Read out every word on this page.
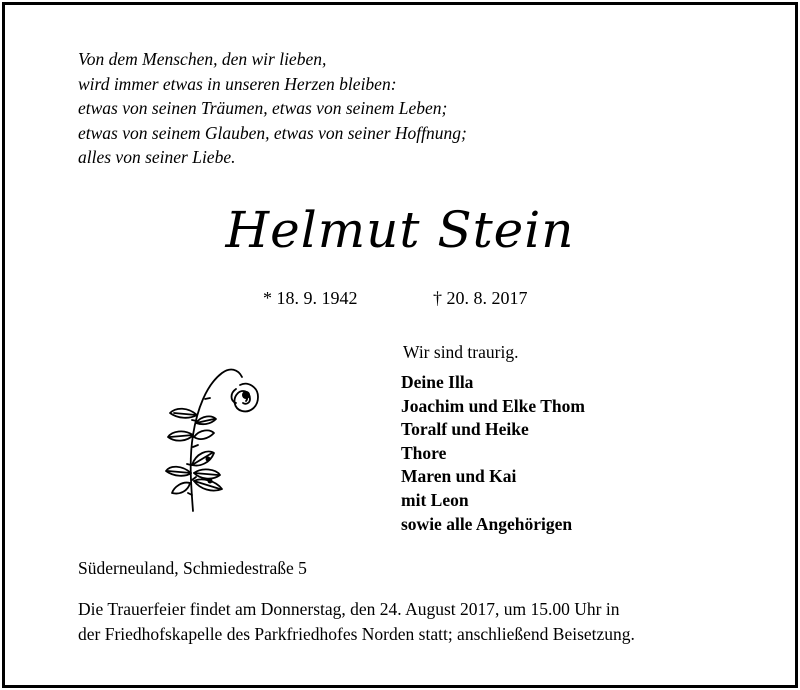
Von dem Menschen, den wir lieben,
wird immer etwas in unseren Herzen bleiben:
etwas von seinen Träumen, etwas von seinem Leben;
etwas von seinem Glauben, etwas von seiner Hoffnung;
alles von seiner Liebe.
Helmut Stein
* 18. 9. 1942	† 20. 8. 2017
Wir sind traurig.
Deine Illa
Joachim und Elke Thom
Toralf und Heike
Thore
Maren und Kai
mit Leon
sowie alle Angehörigen
Süderneuland, Schmiedestraße 5
Die Trauerfeier findet am Donnerstag, den 24. August 2017, um 15.00 Uhr in
der Friedhofskapelle des Parkfriedhofes Norden statt; anschließend Beisetzung.
